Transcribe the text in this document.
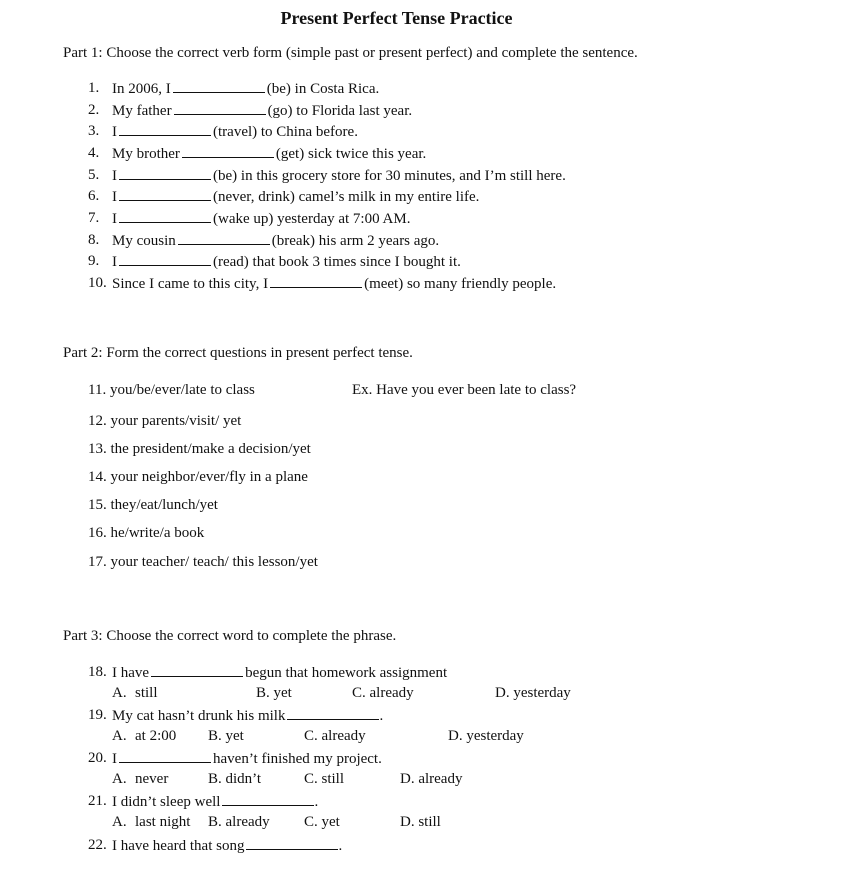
Present Perfect Tense Practice
Part 1: Choose the correct verb form (simple past or present perfect) and complete the sentence.
1. In 2006, I	(be) in Costa Rica.
2. My father	(go) to Florida last year.
3. I	(travel) to China before.
4. My brother	(get) sick twice this year.
5. I	(be) in this grocery store for 30 minutes, and I’m still here.
6. I	(never, drink) camel’s milk in my entire life.
7. I	(wake up) yesterday at 7:00 AM.
8. My cousin	(break) his arm 2 years ago.
9. I	(read) that book 3 times since I bought it.
10. Since I came to this city, I	(meet) so many friendly people.
Part 2: Form the correct questions in present perfect tense.
11. you/be/ever/late to class
12. your parents/visit/ yet
13. the president/make a decision/yet
14. your neighbor/ever/fly in a plane
15. they/eat/lunch/yet
16. he/write/a book
17. your teacher/ teach/ this lesson/yet
Ex. Have you ever been late to class?
Part 3: Choose the correct word to complete the phrase.
18. I have	begun that homework assignment
A. still	B. yet	C. already	D. yesterday
19. My cat hasn’t drunk his milk	.
A. at 2:00 B. yet	C. already	D. yesterday
20. I	haven’t finished my project.
A. never	B. didn’t	C. still	D. already
21. I didn’t sleep well	.
A. last night B. already C. yet	D. still
22. I have heard that song	.
